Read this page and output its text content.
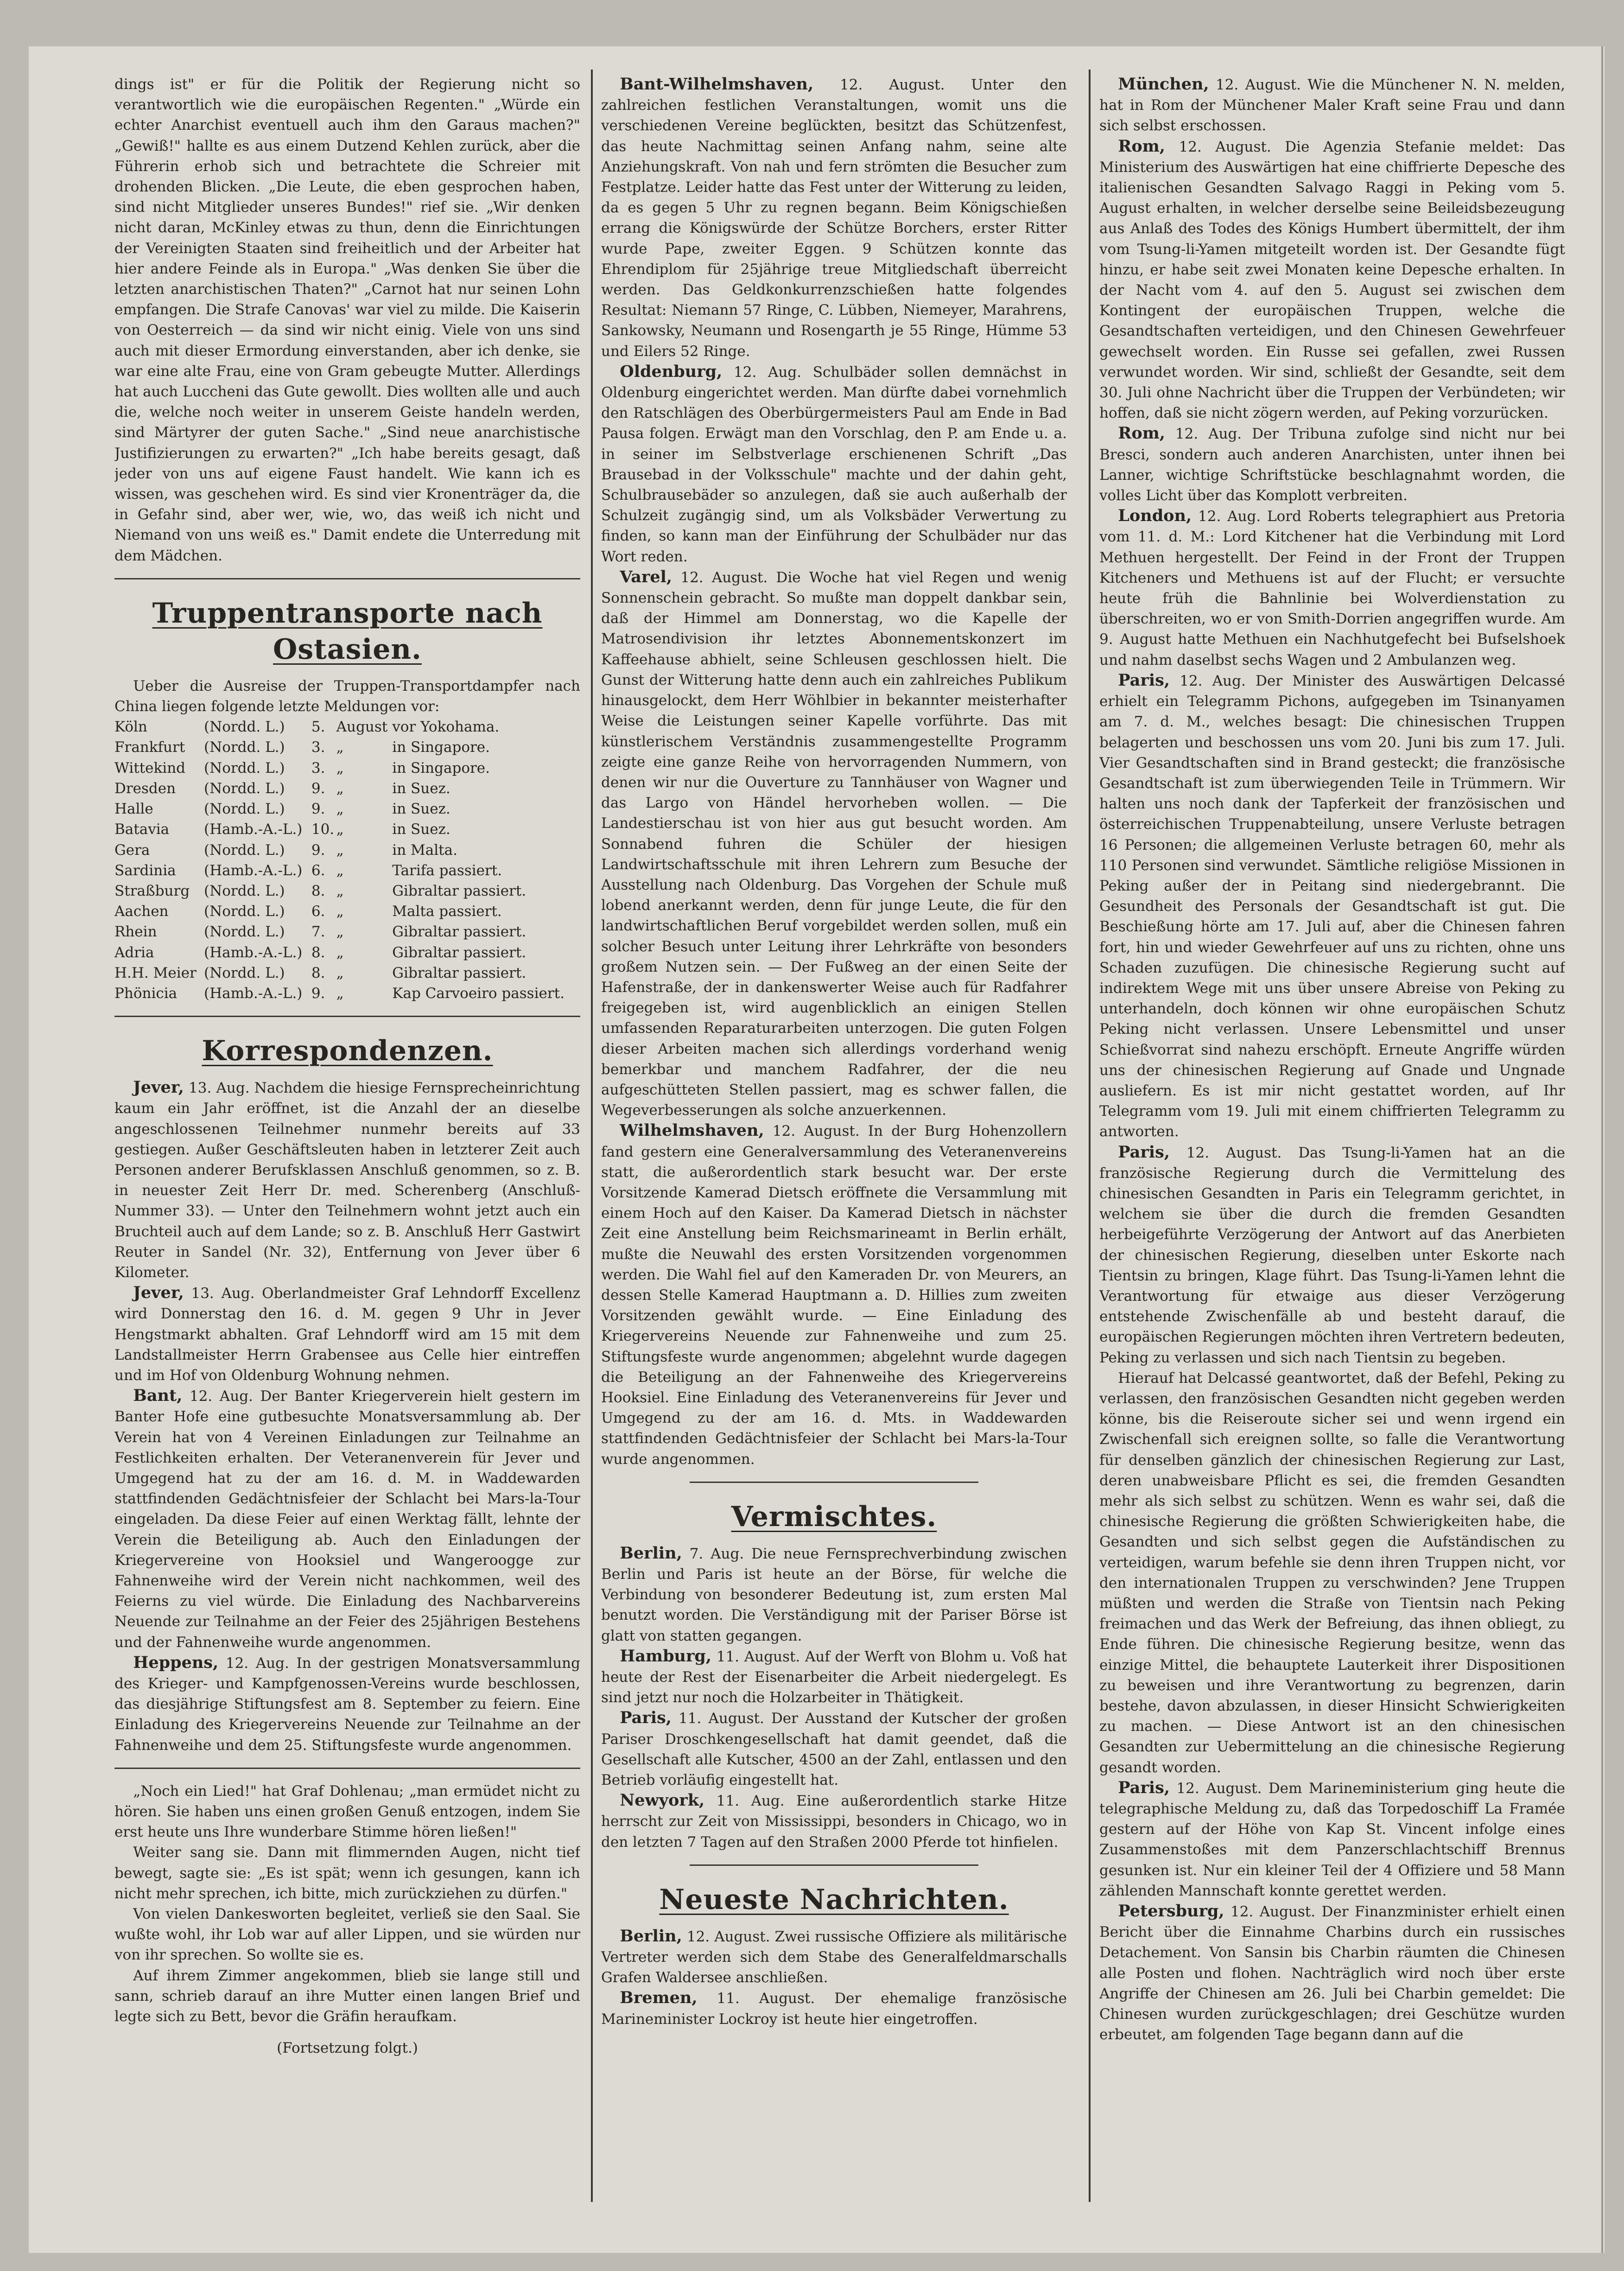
dings ist" er für die Politik der Regierung nicht so verantwortlich wie die europäischen Regenten." „Würde ein echter Anarchist eventuell auch ihm den Garaus machen?" „Gewiß!" hallte es aus einem Dutzend Kehlen zurück, aber die Führerin erhob sich und betrachtete die Schreier mit drohenden Blicken. „Die Leute, die eben gesprochen haben, sind nicht Mitglieder unseres Bundes!" rief sie. „Wir denken nicht daran, McKinley etwas zu thun, denn die Einrichtungen der Vereinigten Staaten sind freiheitlich und der Arbeiter hat hier andere Feinde als in Europa." „Was denken Sie über die letzten anarchistischen Thaten?" „Carnot hat nur seinen Lohn empfangen. Die Strafe Canovas' war viel zu milde. Die Kaiserin von Oesterreich — da sind wir nicht einig. Viele von uns sind auch mit dieser Ermordung einverstanden, aber ich denke, sie war eine alte Frau, eine von Gram gebeugte Mutter. Allerdings hat auch Luccheni das Gute gewollt. Dies wollten alle und auch die, welche noch weiter in unserem Geiste handeln werden, sind Märtyrer der guten Sache." „Sind neue anarchistische Justifizierungen zu erwarten?" „Ich habe bereits gesagt, daß jeder von uns auf eigene Faust handelt. Wie kann ich es wissen, was geschehen wird. Es sind vier Kronenträger da, die in Gefahr sind, aber wer, wie, wo, das weiß ich nicht und Niemand von uns weiß es." Damit endete die Unterredung mit dem Mädchen.

Truppentransporte nach Ostasien.

Ueber die Ausreise der Truppen-Transportdampfer nach China liegen folgende letzte Meldungen vor:

Köln	(Nordd. L.)	5.	August	vor Yokohama.
Frankfurt	(Nordd. L.)	3.	„	in Singapore.
Wittekind	(Nordd. L.)	3.	„	in Singapore.
Dresden	(Nordd. L.)	9.	„	in Suez.
Halle	(Nordd. L.)	9.	„	in Suez.
Batavia	(Hamb.-A.-L.)	10.	„	in Suez.
Gera	(Nordd. L.)	9.	„	in Malta.
Sardinia	(Hamb.-A.-L.)	6.	„	Tarifa passiert.
Straßburg	(Nordd. L.)	8.	„	Gibraltar passiert.
Aachen	(Nordd. L.)	6.	„	Malta passiert.
Rhein	(Nordd. L.)	7.	„	Gibraltar passiert.
Adria	(Hamb.-A.-L.)	8.	„	Gibraltar passiert.
H.H. Meier	(Nordd. L.)	8.	„	Gibraltar passiert.
Phönicia	(Hamb.-A.-L.)	9.	„	Kap Carvoeiro passiert.
Korrespondenzen.

Jever, 13. Aug. Nachdem die hiesige Fernsprecheinrichtung kaum ein Jahr eröffnet, ist die Anzahl der an dieselbe angeschlossenen Teilnehmer nunmehr bereits auf 33 gestiegen. Außer Geschäftsleuten haben in letzterer Zeit auch Personen anderer Berufsklassen Anschluß genommen, so z. B. in neuester Zeit Herr Dr. med. Scherenberg (Anschluß-Nummer 33). — Unter den Teilnehmern wohnt jetzt auch ein Bruchteil auch auf dem Lande; so z. B. Anschluß Herr Gastwirt Reuter in Sandel (Nr. 32), Entfernung von Jever über 6 Kilometer.

Jever, 13. Aug. Oberlandmeister Graf Lehndorff Excellenz wird Donnerstag den 16. d. M. gegen 9 Uhr in Jever Hengstmarkt abhalten. Graf Lehndorff wird am 15 mit dem Landstallmeister Herrn Grabensee aus Celle hier eintreffen und im Hof von Oldenburg Wohnung nehmen.

Bant, 12. Aug. Der Banter Kriegerverein hielt gestern im Banter Hofe eine gutbesuchte Monatsversammlung ab. Der Verein hat von 4 Vereinen Einladungen zur Teilnahme an Festlichkeiten erhalten. Der Veteranenverein für Jever und Umgegend hat zu der am 16. d. M. in Waddewarden stattfindenden Gedächtnisfeier der Schlacht bei Mars-la-Tour eingeladen. Da diese Feier auf einen Werktag fällt, lehnte der Verein die Beteiligung ab. Auch den Einladungen der Kriegervereine von Hooksiel und Wangeroogge zur Fahnenweihe wird der Verein nicht nachkommen, weil des Feierns zu viel würde. Die Einladung des Nachbarvereins Neuende zur Teilnahme an der Feier des 25jährigen Bestehens und der Fahnenweihe wurde angenommen.

Heppens, 12. Aug. In der gestrigen Monatsversammlung des Krieger- und Kampfgenossen-Vereins wurde beschlossen, das diesjährige Stiftungsfest am 8. September zu feiern. Eine Einladung des Kriegervereins Neuende zur Teilnahme an der Fahnenweihe und dem 25. Stiftungsfeste wurde angenommen.

„Noch ein Lied!" hat Graf Dohlenau; „man ermüdet nicht zu hören. Sie haben uns einen großen Genuß entzogen, indem Sie erst heute uns Ihre wunderbare Stimme hören ließen!"

Weiter sang sie. Dann mit flimmernden Augen, nicht tief bewegt, sagte sie: „Es ist spät; wenn ich gesungen, kann ich nicht mehr sprechen, ich bitte, mich zurückziehen zu dürfen."

Von vielen Dankesworten begleitet, verließ sie den Saal. Sie wußte wohl, ihr Lob war auf aller Lippen, und sie würden nur von ihr sprechen. So wollte sie es.

Auf ihrem Zimmer angekommen, blieb sie lange still und sann, schrieb darauf an ihre Mutter einen langen Brief und legte sich zu Bett, bevor die Gräfin heraufkam.

(Fortsetzung folgt.)

Bant-Wilhelmshaven, 12. August. Unter den zahlreichen festlichen Veranstaltungen, womit uns die verschiedenen Vereine beglückten, besitzt das Schützenfest, das heute Nachmittag seinen Anfang nahm, seine alte Anziehungskraft. Von nah und fern strömten die Besucher zum Festplatze. Leider hatte das Fest unter der Witterung zu leiden, da es gegen 5 Uhr zu regnen begann. Beim Königschießen errang die Königswürde der Schütze Borchers, erster Ritter wurde Pape, zweiter Eggen. 9 Schützen konnte das Ehrendiplom für 25jährige treue Mitgliedschaft überreicht werden. Das Geldkonkurrenzschießen hatte folgendes Resultat: Niemann 57 Ringe, C. Lübben, Niemeyer, Marahrens, Sankowsky, Neumann und Rosengarth je 55 Ringe, Hümme 53 und Eilers 52 Ringe.

Oldenburg, 12. Aug. Schulbäder sollen demnächst in Oldenburg eingerichtet werden. Man dürfte dabei vornehmlich den Ratschlägen des Oberbürgermeisters Paul am Ende in Bad Pausa folgen. Erwägt man den Vorschlag, den P. am Ende u. a. in seiner im Selbstverlage erschienenen Schrift „Das Brausebad in der Volksschule" machte und der dahin geht, Schulbrausebäder so anzulegen, daß sie auch außerhalb der Schulzeit zugängig sind, um als Volksbäder Verwertung zu finden, so kann man der Einführung der Schulbäder nur das Wort reden.

Varel, 12. August. Die Woche hat viel Regen und wenig Sonnenschein gebracht. So mußte man doppelt dankbar sein, daß der Himmel am Donnerstag, wo die Kapelle der Matrosendivision ihr letztes Abonnementskonzert im Kaffeehause abhielt, seine Schleusen geschlossen hielt. Die Gunst der Witterung hatte denn auch ein zahlreiches Publikum hinausgelockt, dem Herr Wöhlbier in bekannter meisterhafter Weise die Leistungen seiner Kapelle vorführte. Das mit künstlerischem Verständnis zusammengestellte Programm zeigte eine ganze Reihe von hervorragenden Nummern, von denen wir nur die Ouverture zu Tannhäuser von Wagner und das Largo von Händel hervorheben wollen. — Die Landestierschau ist von hier aus gut besucht worden. Am Sonnabend fuhren die Schüler der hiesigen Landwirtschaftsschule mit ihren Lehrern zum Besuche der Ausstellung nach Oldenburg. Das Vorgehen der Schule muß lobend anerkannt werden, denn für junge Leute, die für den landwirtschaftlichen Beruf vorgebildet werden sollen, muß ein solcher Besuch unter Leitung ihrer Lehrkräfte von besonders großem Nutzen sein. — Der Fußweg an der einen Seite der Hafenstraße, der in dankenswerter Weise auch für Radfahrer freigegeben ist, wird augenblicklich an einigen Stellen umfassenden Reparaturarbeiten unterzogen. Die guten Folgen dieser Arbeiten machen sich allerdings vorderhand wenig bemerkbar und manchem Radfahrer, der die neu aufgeschütteten Stellen passiert, mag es schwer fallen, die Wegeverbesserungen als solche anzuerkennen.

Wilhelmshaven, 12. August. In der Burg Hohenzollern fand gestern eine Generalversammlung des Veteranenvereins statt, die außerordentlich stark besucht war. Der erste Vorsitzende Kamerad Dietsch eröffnete die Versammlung mit einem Hoch auf den Kaiser. Da Kamerad Dietsch in nächster Zeit eine Anstellung beim Reichsmarineamt in Berlin erhält, mußte die Neuwahl des ersten Vorsitzenden vorgenommen werden. Die Wahl fiel auf den Kameraden Dr. von Meurers, an dessen Stelle Kamerad Hauptmann a. D. Hillies zum zweiten Vorsitzenden gewählt wurde. — Eine Einladung des Kriegervereins Neuende zur Fahnenweihe und zum 25. Stiftungsfeste wurde angenommen; abgelehnt wurde dagegen die Beteiligung an der Fahnenweihe des Kriegervereins Hooksiel. Eine Einladung des Veteranenvereins für Jever und Umgegend zu der am 16. d. Mts. in Waddewarden stattfindenden Gedächtnisfeier der Schlacht bei Mars-la-Tour wurde angenommen.

Vermischtes.

Berlin, 7. Aug. Die neue Fernsprechverbindung zwischen Berlin und Paris ist heute an der Börse, für welche die Verbindung von besonderer Bedeutung ist, zum ersten Mal benutzt worden. Die Verständigung mit der Pariser Börse ist glatt von statten gegangen.

Hamburg, 11. August. Auf der Werft von Blohm u. Voß hat heute der Rest der Eisenarbeiter die Arbeit niedergelegt. Es sind jetzt nur noch die Holzarbeiter in Thätigkeit.

Paris, 11. August. Der Ausstand der Kutscher der großen Pariser Droschkengesellschaft hat damit geendet, daß die Gesellschaft alle Kutscher, 4500 an der Zahl, entlassen und den Betrieb vorläufig eingestellt hat.

Newyork, 11. Aug. Eine außerordentlich starke Hitze herrscht zur Zeit von Mississippi, besonders in Chicago, wo in den letzten 7 Tagen auf den Straßen 2000 Pferde tot hinfielen.

Neueste Nachrichten.

Berlin, 12. August. Zwei russische Offiziere als militärische Vertreter werden sich dem Stabe des Generalfeldmarschalls Grafen Waldersee anschließen.

Bremen, 11. August. Der ehemalige französische Marineminister Lockroy ist heute hier eingetroffen.

München, 12. August. Wie die Münchener N. N. melden, hat in Rom der Münchener Maler Kraft seine Frau und dann sich selbst erschossen.

Rom, 12. August. Die Agenzia Stefanie meldet: Das Ministerium des Auswärtigen hat eine chiffrierte Depesche des italienischen Gesandten Salvago Raggi in Peking vom 5. August erhalten, in welcher derselbe seine Beileidsbezeugung aus Anlaß des Todes des Königs Humbert übermittelt, der ihm vom Tsung-li-Yamen mitgeteilt worden ist. Der Gesandte fügt hinzu, er habe seit zwei Monaten keine Depesche erhalten. In der Nacht vom 4. auf den 5. August sei zwischen dem Kontingent der europäischen Truppen, welche die Gesandtschaften verteidigen, und den Chinesen Gewehrfeuer gewechselt worden. Ein Russe sei gefallen, zwei Russen verwundet worden. Wir sind, schließt der Gesandte, seit dem 30. Juli ohne Nachricht über die Truppen der Verbündeten; wir hoffen, daß sie nicht zögern werden, auf Peking vorzurücken.

Rom, 12. Aug. Der Tribuna zufolge sind nicht nur bei Bresci, sondern auch anderen Anarchisten, unter ihnen bei Lanner, wichtige Schriftstücke beschlagnahmt worden, die volles Licht über das Komplott verbreiten.

London, 12. Aug. Lord Roberts telegraphiert aus Pretoria vom 11. d. M.: Lord Kitchener hat die Verbindung mit Lord Methuen hergestellt. Der Feind in der Front der Truppen Kitcheners und Methuens ist auf der Flucht; er versuchte heute früh die Bahnlinie bei Wolverdienstation zu überschreiten, wo er von Smith-Dorrien angegriffen wurde. Am 9. August hatte Methuen ein Nachhutgefecht bei Bufselshoek und nahm daselbst sechs Wagen und 2 Ambulanzen weg.

Paris, 12. Aug. Der Minister des Auswärtigen Delcassé erhielt ein Telegramm Pichons, aufgegeben im Tsinanyamen am 7. d. M., welches besagt: Die chinesischen Truppen belagerten und beschossen uns vom 20. Juni bis zum 17. Juli. Vier Gesandtschaften sind in Brand gesteckt; die französische Gesandtschaft ist zum überwiegenden Teile in Trümmern. Wir halten uns noch dank der Tapferkeit der französischen und österreichischen Truppenabteilung, unsere Verluste betragen 16 Personen; die allgemeinen Verluste betragen 60, mehr als 110 Personen sind verwundet. Sämtliche religiöse Missionen in Peking außer der in Peitang sind niedergebrannt. Die Gesundheit des Personals der Gesandtschaft ist gut. Die Beschießung hörte am 17. Juli auf, aber die Chinesen fahren fort, hin und wieder Gewehrfeuer auf uns zu richten, ohne uns Schaden zuzufügen. Die chinesische Regierung sucht auf indirektem Wege mit uns über unsere Abreise von Peking zu unterhandeln, doch können wir ohne europäischen Schutz Peking nicht verlassen. Unsere Lebensmittel und unser Schießvorrat sind nahezu erschöpft. Erneute Angriffe würden uns der chinesischen Regierung auf Gnade und Ungnade ausliefern. Es ist mir nicht gestattet worden, auf Ihr Telegramm vom 19. Juli mit einem chiffrierten Telegramm zu antworten.

Paris, 12. August. Das Tsung-li-Yamen hat an die französische Regierung durch die Vermittelung des chinesischen Gesandten in Paris ein Telegramm gerichtet, in welchem sie über die durch die fremden Gesandten herbeigeführte Verzögerung der Antwort auf das Anerbieten der chinesischen Regierung, dieselben unter Eskorte nach Tientsin zu bringen, Klage führt. Das Tsung-li-Yamen lehnt die Verantwortung für etwaige aus dieser Verzögerung entstehende Zwischenfälle ab und besteht darauf, die europäischen Regierungen möchten ihren Vertretern bedeuten, Peking zu verlassen und sich nach Tientsin zu begeben.

Hierauf hat Delcassé geantwortet, daß der Befehl, Peking zu verlassen, den französischen Gesandten nicht gegeben werden könne, bis die Reiseroute sicher sei und wenn irgend ein Zwischenfall sich ereignen sollte, so falle die Verantwortung für denselben gänzlich der chinesischen Regierung zur Last, deren unabweisbare Pflicht es sei, die fremden Gesandten mehr als sich selbst zu schützen. Wenn es wahr sei, daß die chinesische Regierung die größten Schwierigkeiten habe, die Gesandten und sich selbst gegen die Aufständischen zu verteidigen, warum befehle sie denn ihren Truppen nicht, vor den internationalen Truppen zu verschwinden? Jene Truppen müßten und werden die Straße von Tientsin nach Peking freimachen und das Werk der Befreiung, das ihnen obliegt, zu Ende führen. Die chinesische Regierung besitze, wenn das einzige Mittel, die behauptete Lauterkeit ihrer Dispositionen zu beweisen und ihre Verantwortung zu begrenzen, darin bestehe, davon abzulassen, in dieser Hinsicht Schwierigkeiten zu machen. — Diese Antwort ist an den chinesischen Gesandten zur Uebermittelung an die chinesische Regierung gesandt worden.

Paris, 12. August. Dem Marineministerium ging heute die telegraphische Meldung zu, daß das Torpedoschiff La Framée gestern auf der Höhe von Kap St. Vincent infolge eines Zusammenstoßes mit dem Panzerschlachtschiff Brennus gesunken ist. Nur ein kleiner Teil der 4 Offiziere und 58 Mann zählenden Mannschaft konnte gerettet werden.

Petersburg, 12. August. Der Finanzminister erhielt einen Bericht über die Einnahme Charbins durch ein russisches Detachement. Von Sansin bis Charbin räumten die Chinesen alle Posten und flohen. Nachträglich wird noch über erste Angriffe der Chinesen am 26. Juli bei Charbin gemeldet: Die Chinesen wurden zurückgeschlagen; drei Geschütze wurden erbeutet, am folgenden Tage begann dann auf die
